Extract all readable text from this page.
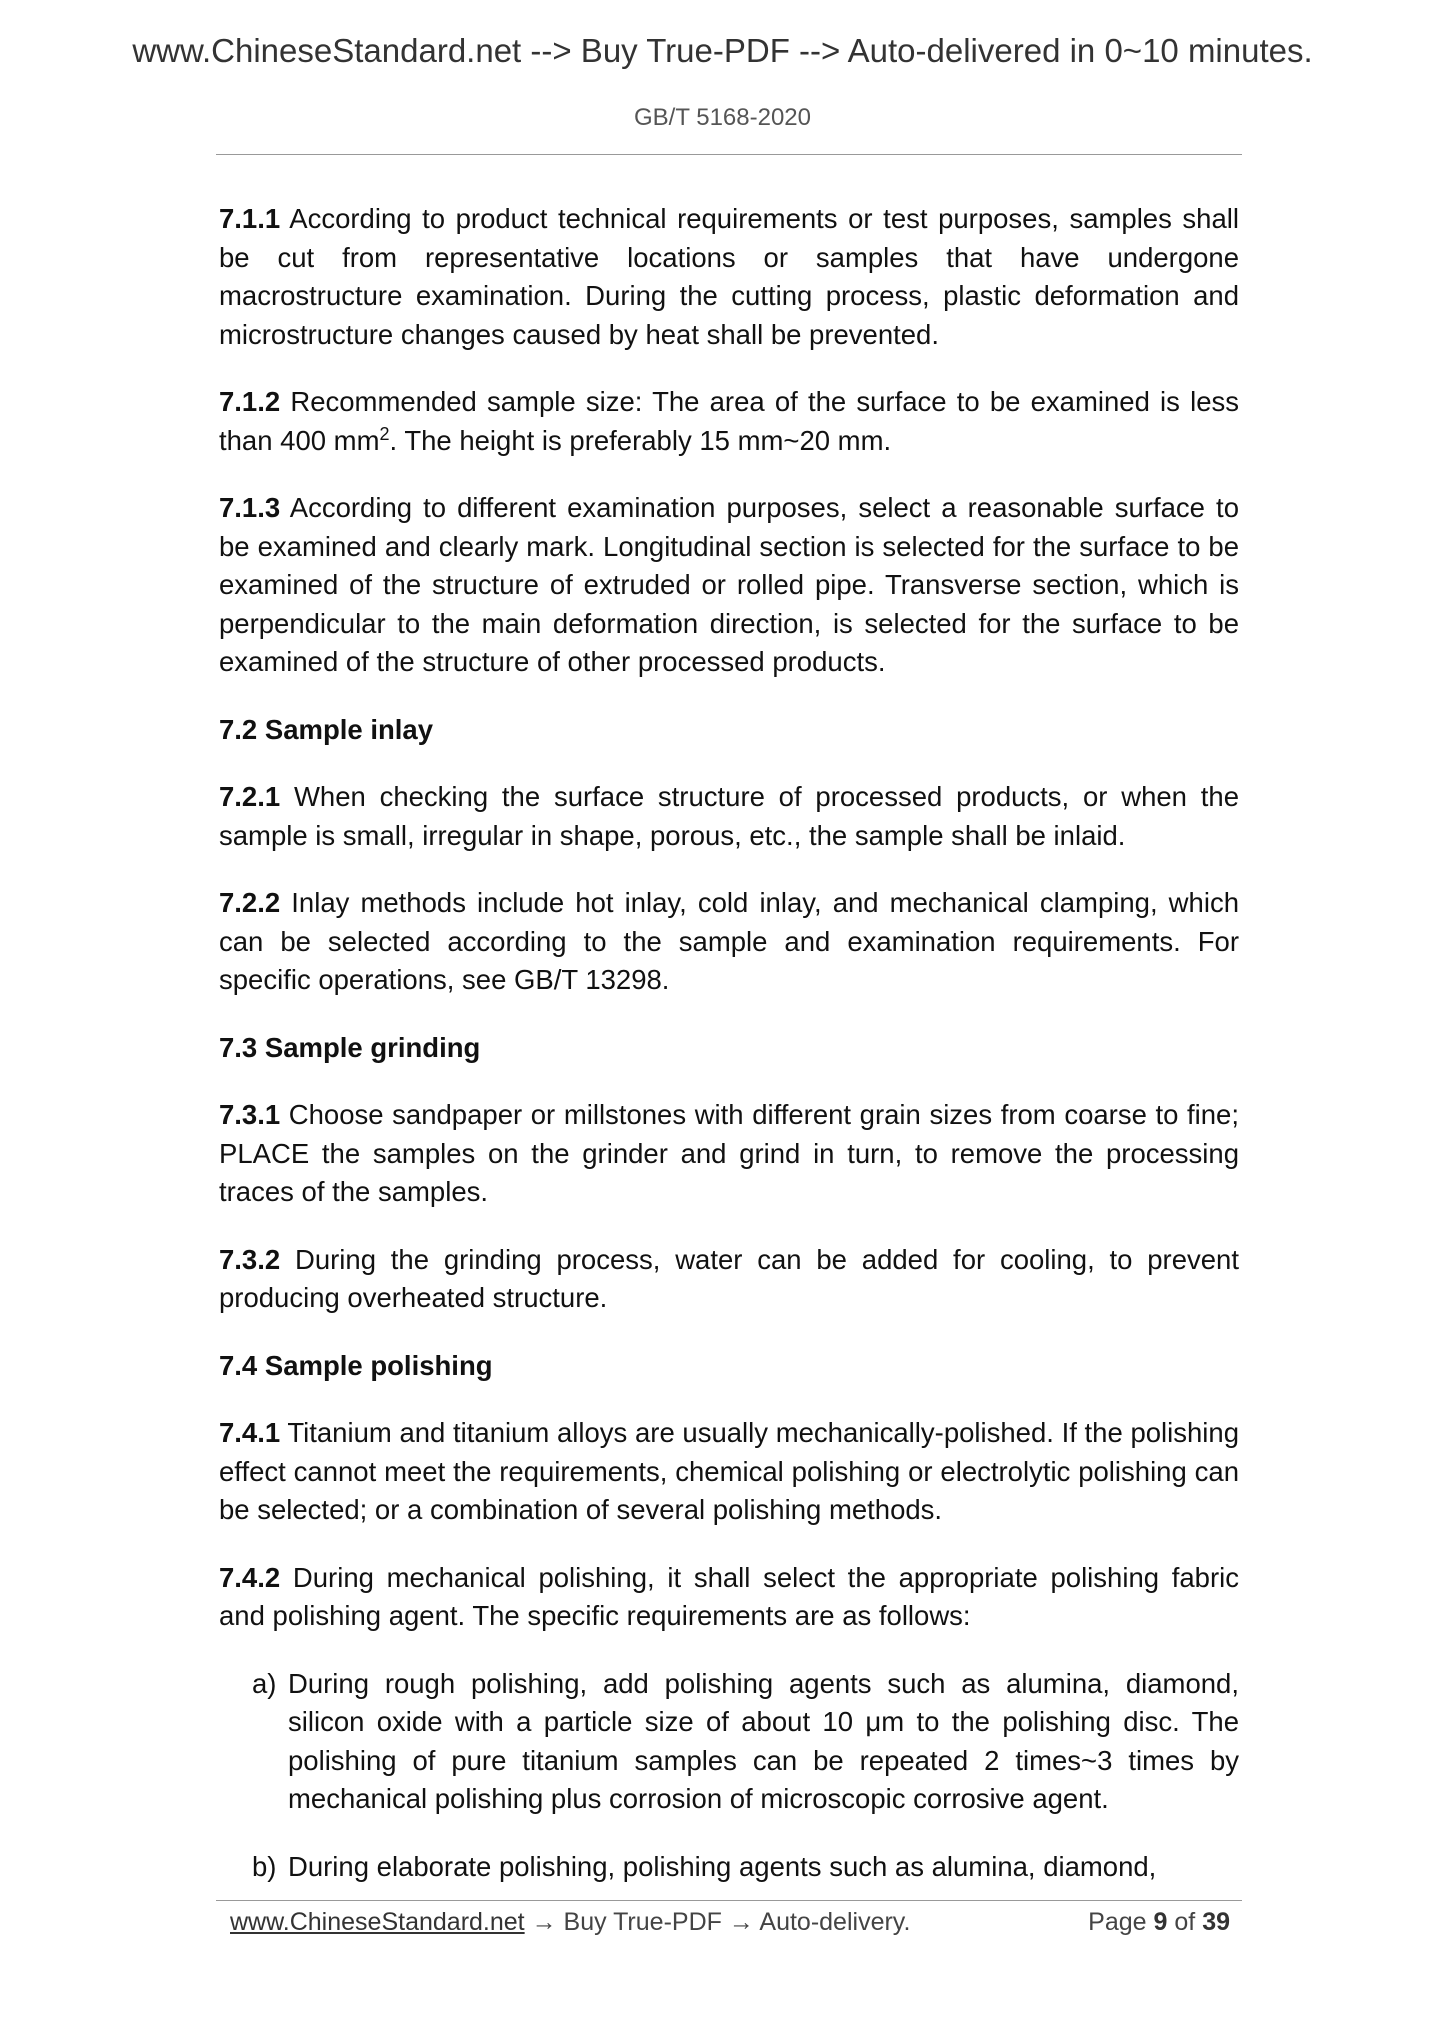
www.ChineseStandard.net --> Buy True-PDF --> Auto-delivered in 0~10 minutes.
GB/T 5168-2020

7.1.1 According to product technical requirements or test purposes, samples shall be cut from representative locations or samples that have undergone macrostructure examination. During the cutting process, plastic deformation and microstructure changes caused by heat shall be prevented.

7.1.2 Recommended sample size: The area of the surface to be examined is less than 400 $mm^2$. The height is preferably 15 mm~20 mm.

7.1.3 According to different examination purposes, select a reasonable surface to be examined and clearly mark. Longitudinal section is selected for the surface to be examined of the structure of extruded or rolled pipe. Transverse section, which is perpendicular to the main deformation direction, is selected for the surface to be examined of the structure of other processed products.

7.2 Sample inlay

7.2.1 When checking the surface structure of processed products, or when the sample is small, irregular in shape, porous, etc., the sample shall be inlaid.

7.2.2 Inlay methods include hot inlay, cold inlay, and mechanical clamping, which can be selected according to the sample and examination requirements. For specific operations, see GB/T 13298.

7.3 Sample grinding

7.3.1 Choose sandpaper or millstones with different grain sizes from coarse to fine; PLACE the samples on the grinder and grind in turn, to remove the processing traces of the samples.

7.3.2 During the grinding process, water can be added for cooling, to prevent producing overheated structure.

7.4 Sample polishing

7.4.1 Titanium and titanium alloys are usually mechanically-polished. If the polishing effect cannot meet the requirements, chemical polishing or electrolytic polishing can be selected; or a combination of several polishing methods.

7.4.2 During mechanical polishing, it shall select the appropriate polishing fabric and polishing agent. The specific requirements are as follows:

a) During rough polishing, add polishing agents such as alumina, diamond, silicon oxide with a particle size of about 10 μm to the polishing disc. The polishing of pure titanium samples can be repeated 2 times~3 times by mechanical polishing plus corrosion of microscopic corrosive agent.
b) During elaborate polishing, polishing agents such as alumina, diamond,
www.ChineseStandard.net → Buy True-PDF → Auto-delivery.	Page 9 of 39
